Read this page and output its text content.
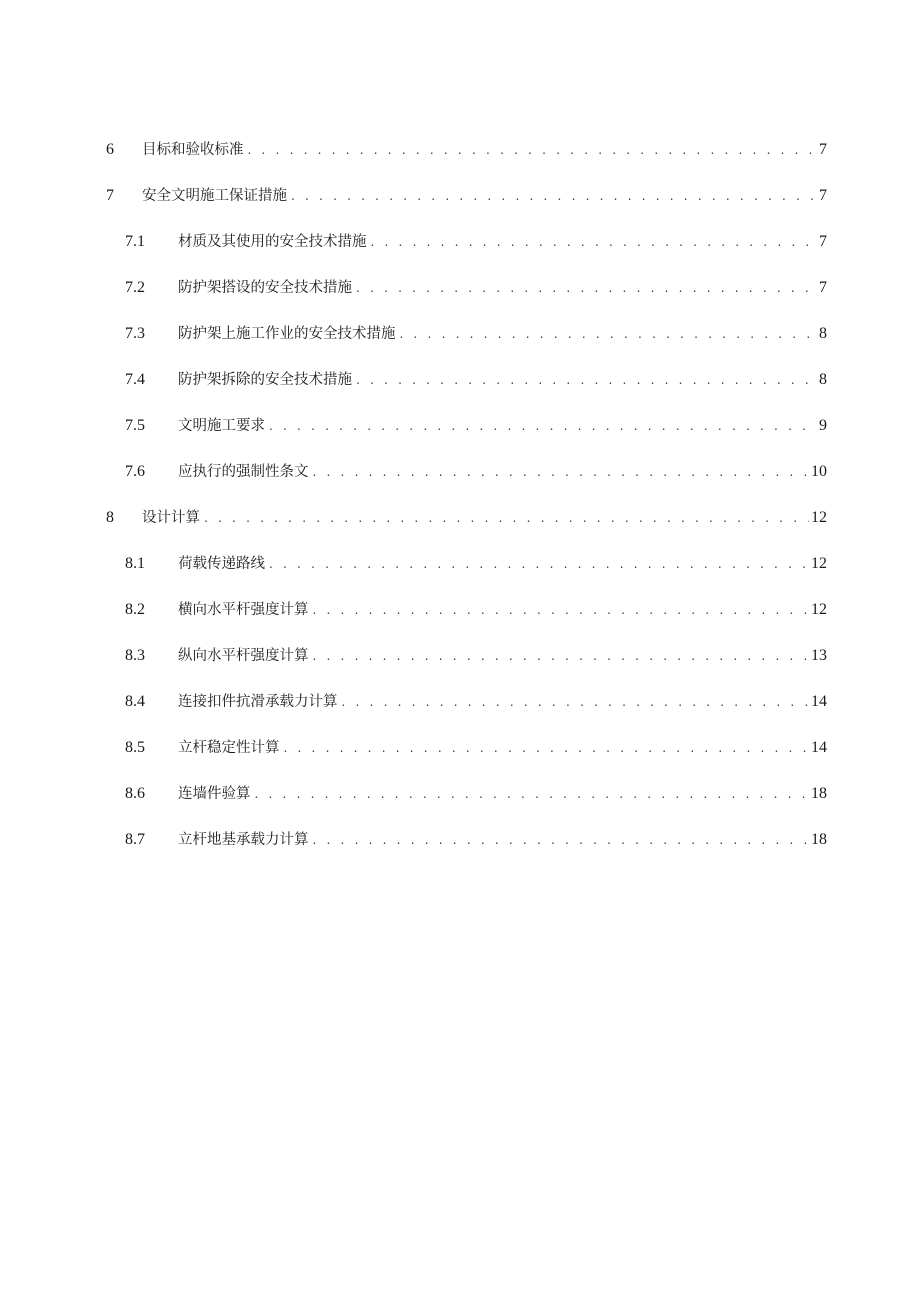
6 目标和验收标准 . . .	7
7 安全文明施工保证措施 . . .	7
7.1 材质及其使用的安全技术措施 . . .	7
7.2 防护架搭设的安全技术措施 . . .	7
7.3 防护架上施工作业的安全技术措施 . . .	8
7.4 防护架拆除的安全技术措施 . . .	8
7.5 文明施工要求 . . .	9
7.6 应执行的强制性条文 . . .	10
8 设计计算 . . .	12
8.1 荷载传递路线 . . .	12
8.2 横向水平杆强度计算 . . .	12
8.3 纵向水平杆强度计算 . . .	13
8.4 连接扣件抗滑承载力计算 . . .	14
8.5 立杆稳定性计算 . . .	14
8.6 连墙件验算 . . .	18
8.7 立杆地基承载力计算 . . .	18
